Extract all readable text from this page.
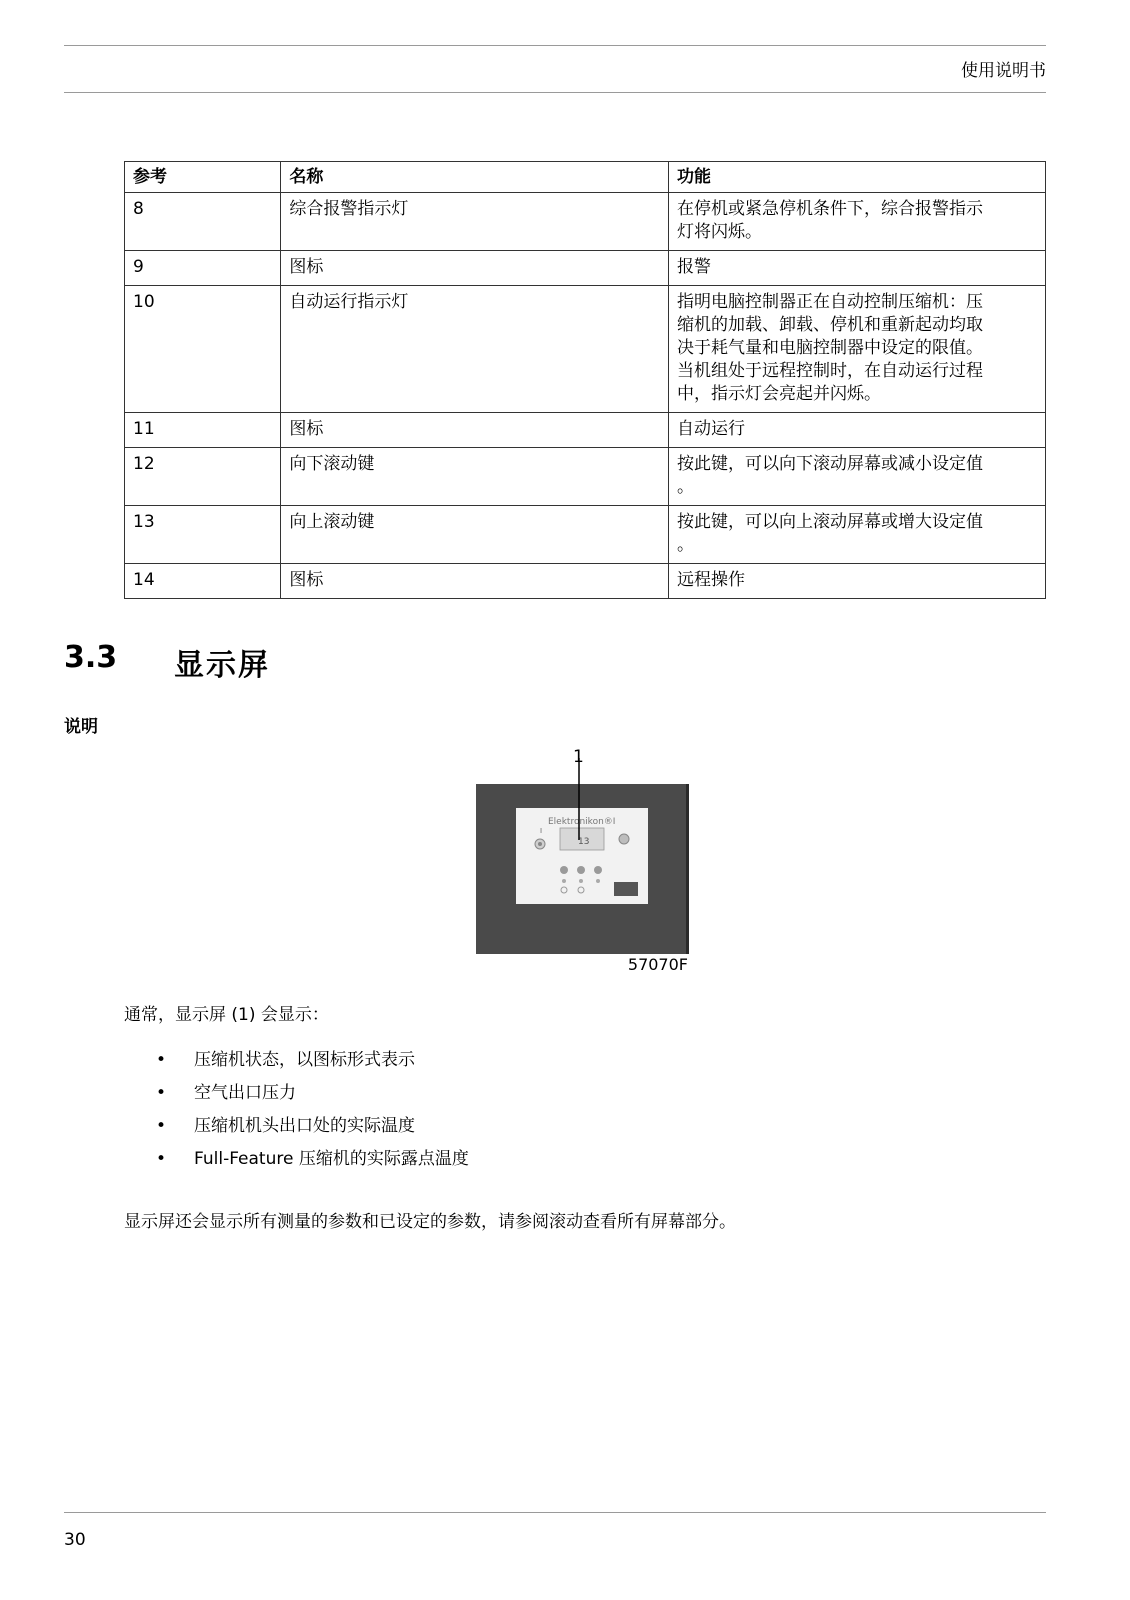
使用说明书
参考	名称	功能
8	综合报警指示灯	在停机或紧急停机条件下，综合报警指示
灯将闪烁。

9	图标	报警

10	自动运行指示灯	指明电脑控制器正在自动控制压缩机：压
缩机的加载、卸载、停机和重新起动均取
决于耗气量和电脑控制器中设定的限值。
当机组处于远程控制时，在自动运行过程
中，指示灯会亮起并闪烁。

11	图标	自动运行

12	向下滚动键	按此键，可以向下滚动屏幕或减小设定值
。

13	向上滚动键	按此键，可以向上滚动屏幕或增大设定值
。

14	图标	远程操作
3.3 显示屏
说明
Elektronikon®I
13
I
1
57070F
通常，显示屏 (1) 会显示：
• 压缩机状态，以图标形式表示
• 空气出口压力
• 压缩机机头出口处的实际温度
• Full-Feature 压缩机的实际露点温度
显示屏还会显示所有测量的参数和已设定的参数，请参阅滚动查看所有屏幕部分。
30
